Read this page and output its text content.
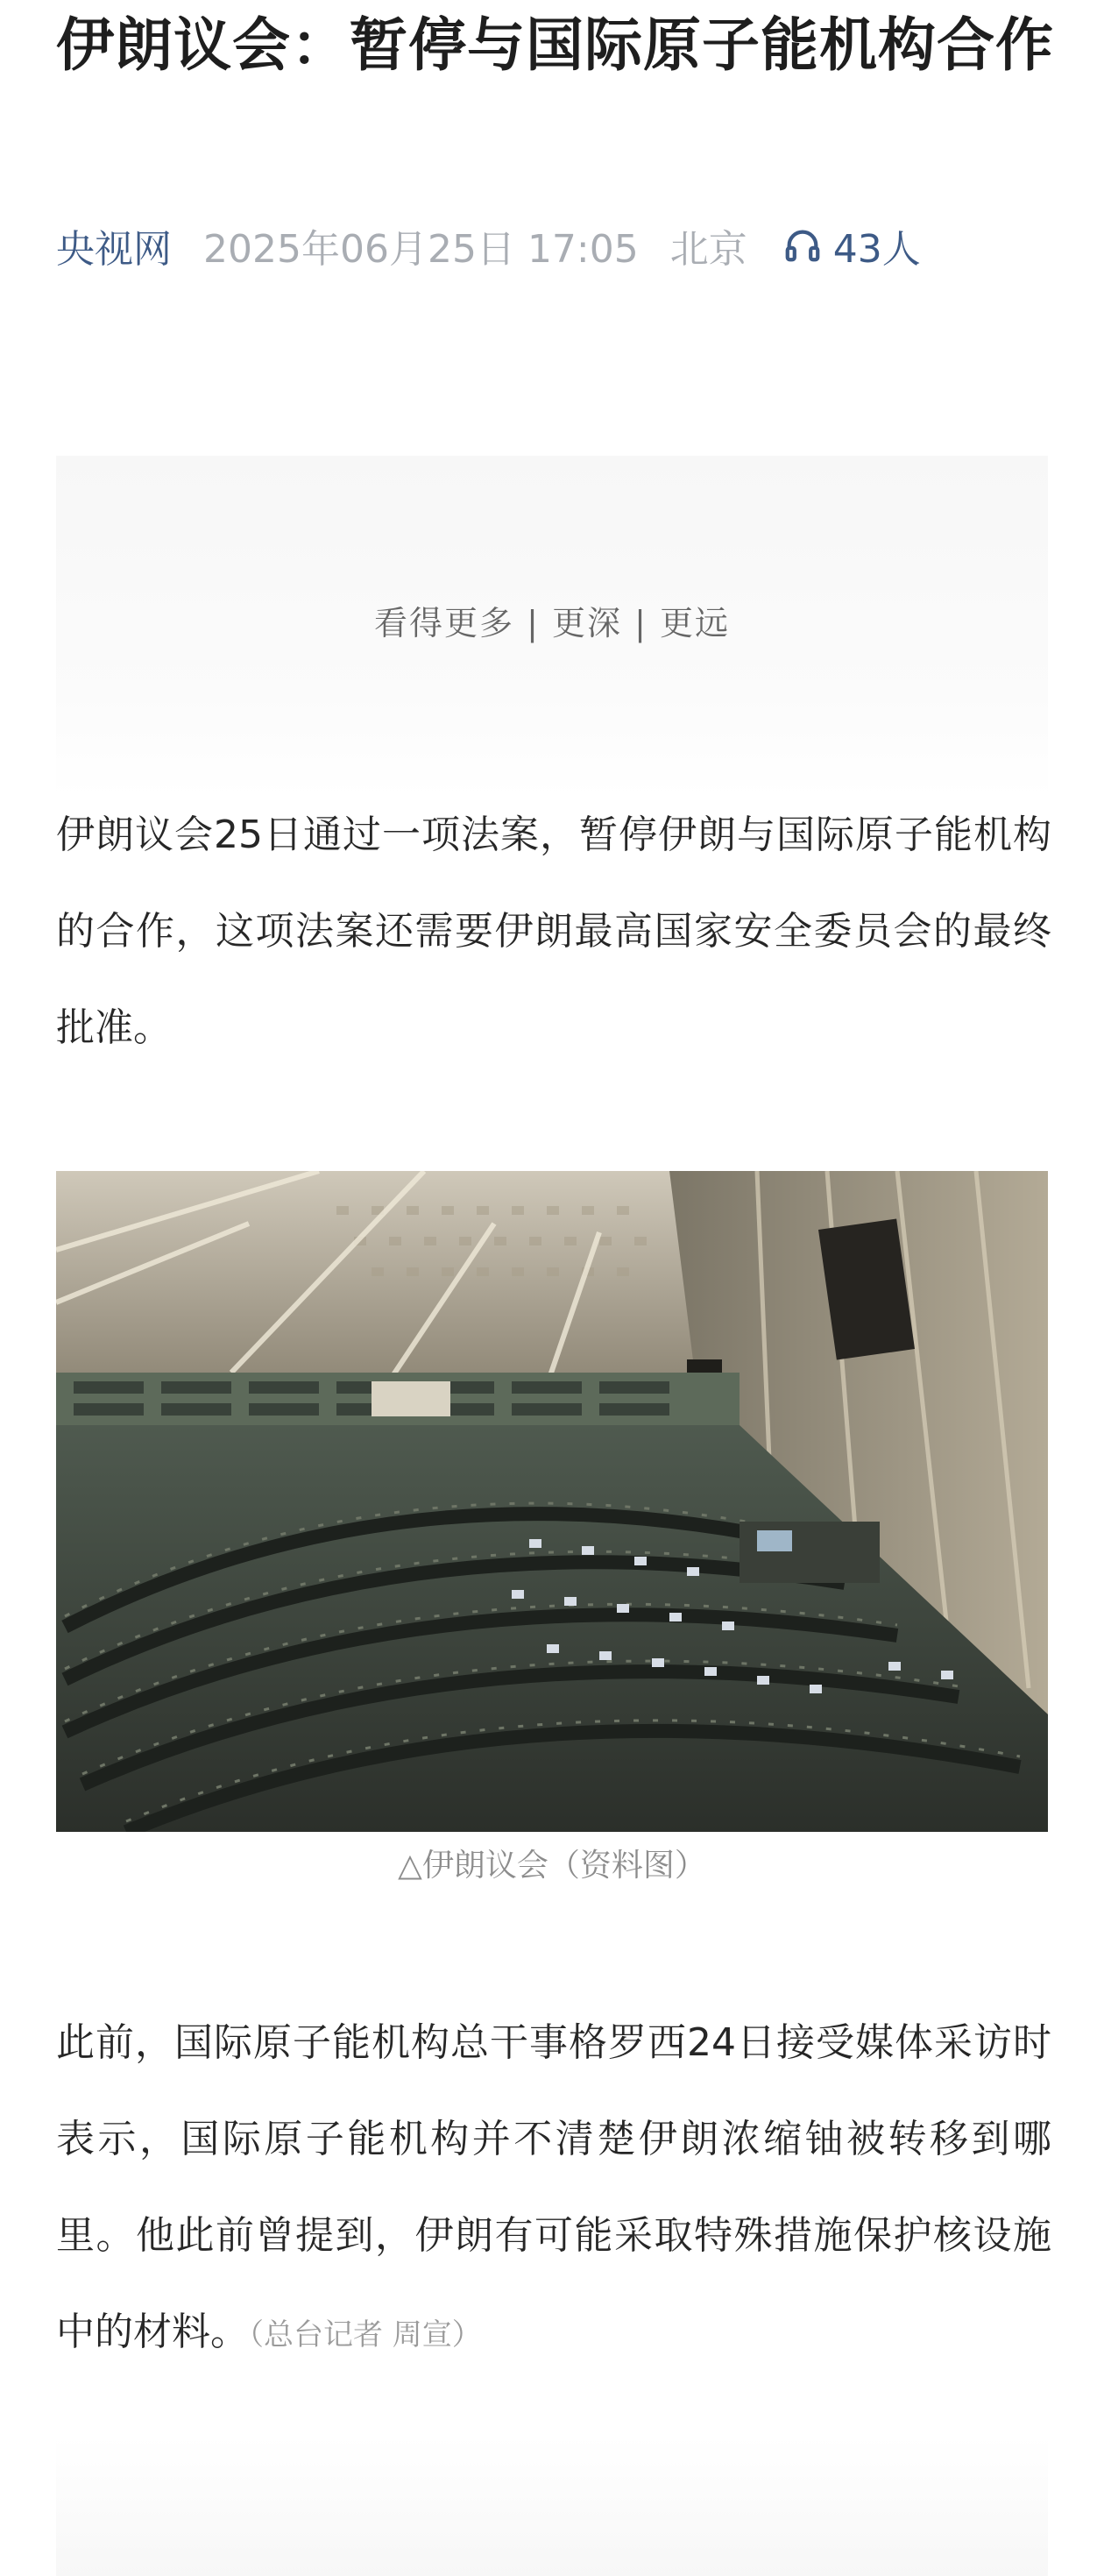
伊朗议会：暂停与国际原子能机构合作
央视网 2025年06月25日 17:05 北京 43人
看得更多 | 更深 | 更远

伊朗议会25日通过一项法案，暂停伊朗与国际原子能机构的合作，这项法案还需要伊朗最高国家安全委员会的最终批准。

△伊朗议会（资料图）

此前，国际原子能机构总干事格罗西24日接受媒体采访时表示，国际原子能机构并不清楚伊朗浓缩铀被转移到哪里。他此前曾提到，伊朗有可能采取特殊措施保护核设施中的材料。（总台记者 周宣）
